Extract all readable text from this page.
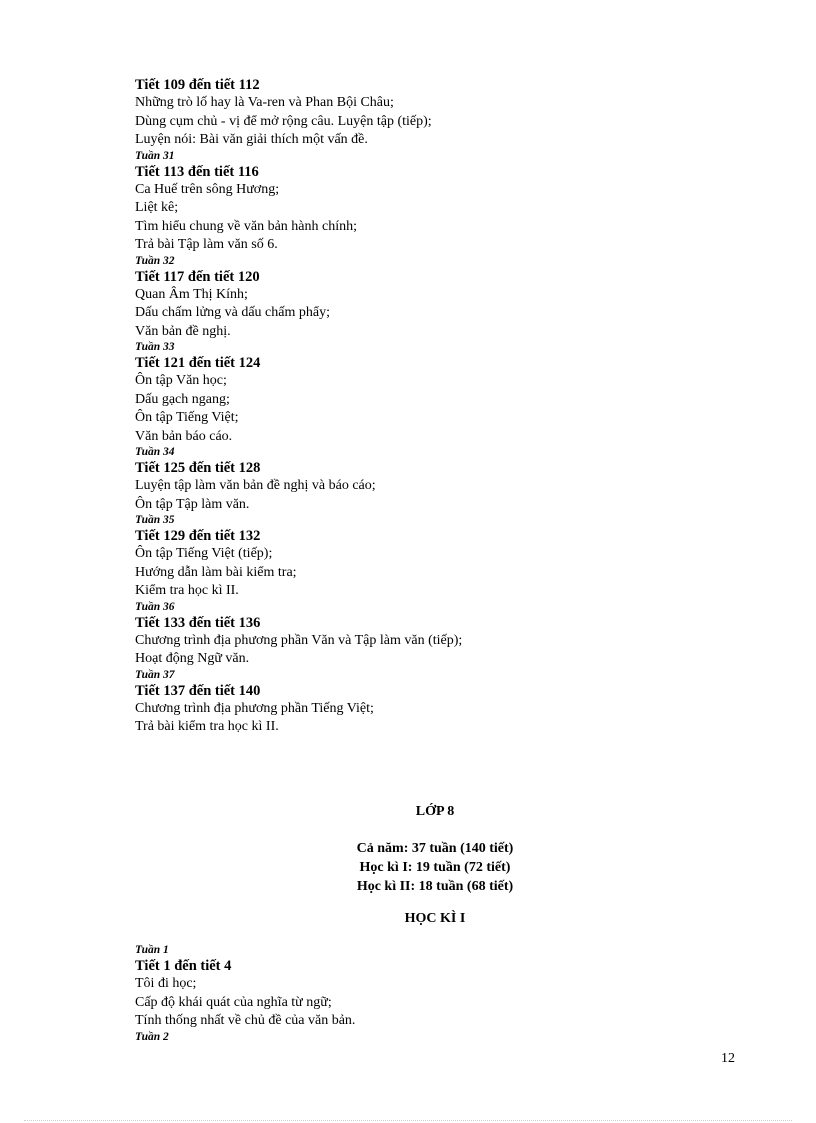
Tiết 109 đến tiết 112

Những trò lố hay là Va-ren và Phan Bội Châu;

Dùng cụm chủ - vị để mở rộng câu. Luyện tập (tiếp);

Luyện nói: Bài văn giải thích một vấn đề.

Tuần 31

Tiết 113 đến tiết 116

Ca Huế trên sông Hương;

Liệt kê;

Tìm hiểu chung về văn bản hành chính;

Trả bài Tập làm văn số 6.

Tuần 32

Tiết 117 đến tiết 120

Quan Âm Thị Kính;

Dấu chấm lửng và dấu chấm phẩy;

Văn bản đề nghị.

Tuần 33

Tiết 121 đến tiết 124

Ôn tập Văn học;

Dấu gạch ngang;

Ôn tập Tiếng Việt;

Văn bản báo cáo.

Tuần 34

Tiết 125 đến tiết 128

Luyện tập làm văn bản đề nghị và báo cáo;

Ôn tập Tập làm văn.

Tuần 35

Tiết 129 đến tiết 132

Ôn tập Tiếng Việt (tiếp);

Hướng dẫn làm bài kiểm tra;

Kiểm tra học kì II.

Tuần 36

Tiết 133 đến tiết 136

Chương trình địa phương phần Văn và Tập làm văn (tiếp);

Hoạt động Ngữ văn.

Tuần 37

Tiết 137 đến tiết 140

Chương trình địa phương phần Tiếng Việt;

Trả bài kiểm tra học kì II.

LỚP 8

Cả năm: 37 tuần (140 tiết)

Học kì I: 19 tuần (72 tiết)

Học kì II: 18 tuần (68 tiết)

HỌC KÌ I

Tuần 1

Tiết 1 đến tiết 4

Tôi đi học;

Cấp độ khái quát của nghĩa từ ngữ;

Tính thống nhất về chủ đề của văn bản.

Tuần 2

12
